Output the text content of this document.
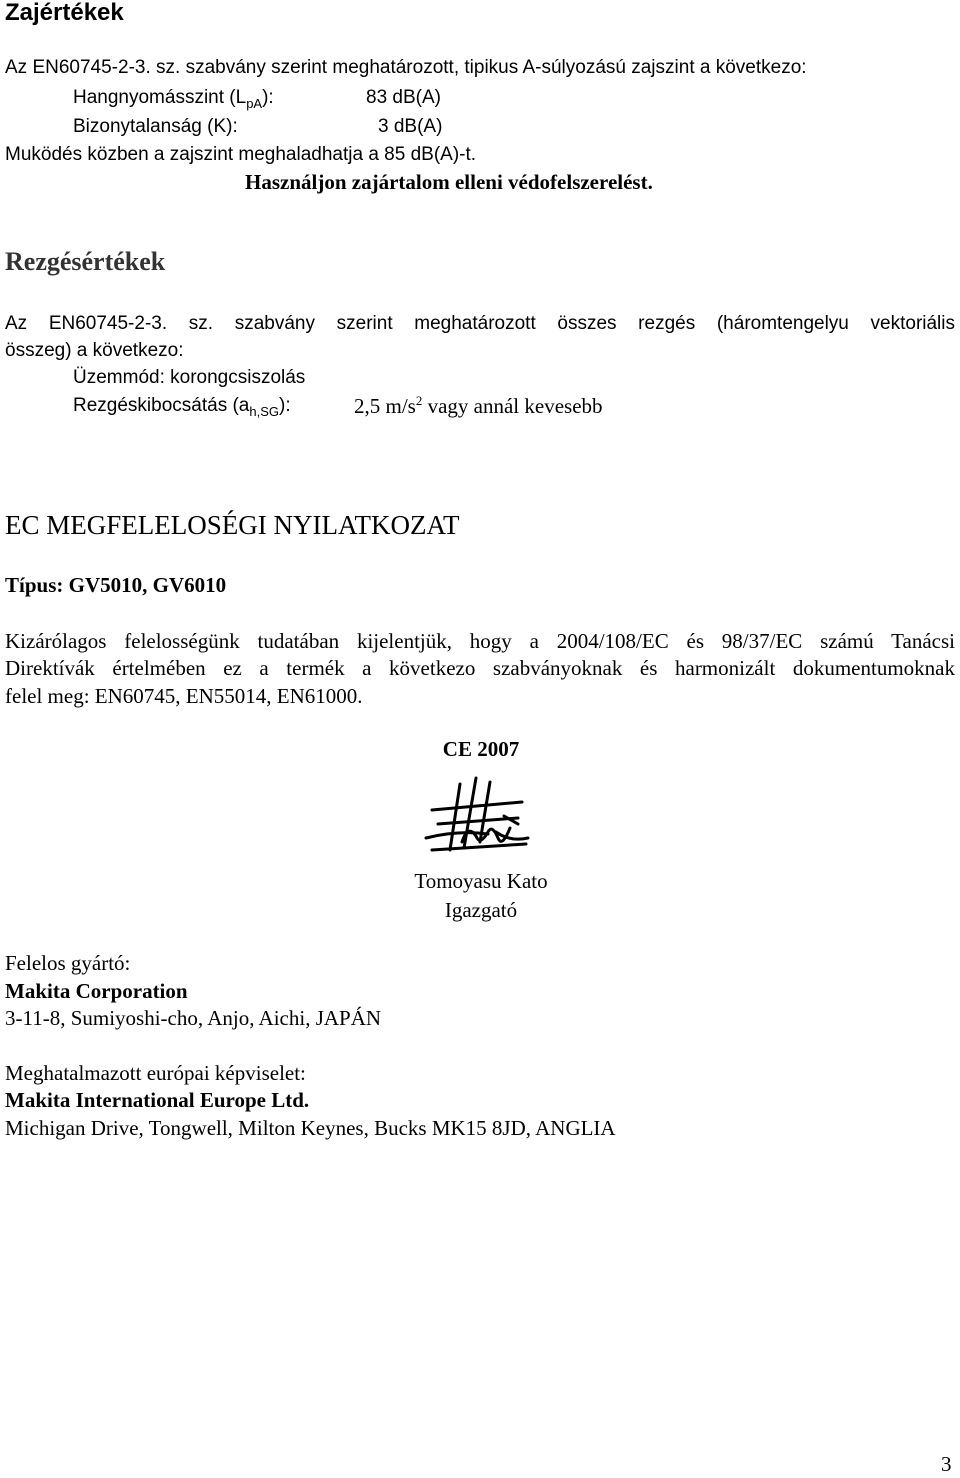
Zajértékek
Az EN60745-2-3. sz. szabvány szerint meghatározott, tipikus A-súlyozású zajszint a következo:
Hangnyomásszint $(L_{pA})$:	83 dB(A)
Bizonytalanság (K):	3 dB(A)
Muködés közben a zajszint meghaladhatja a 85 dB(A)-t.
Használjon zajártalom elleni védofelszerelést.
Rezgésértékek
Az EN60745-2-3. sz. szabvány szerint meghatározott összes rezgés (háromtengelyu vektoriális
összeg) a következo:
Üzemmód: korongcsiszolás
Rezgéskibocsátás $(a_{h,SG})$:	2,5 $m/s^2$ vagy annál kevesebb
EC MEGFELELOSÉGI NYILATKOZAT
Típus: GV5010, GV6010
Kizárólagos felelosségünk tudatában kijelentjük, hogy a 2004/108/EC és 98/37/EC számú Tanácsi
Direktívák értelmében ez a termék a következo szabványoknak és harmonizált dokumentumoknak
felel meg: EN60745, EN55014, EN61000.
CE 2007
Tomoyasu Kato
Igazgató
Felelos gyártó:
Makita Corporation
3-11-8, Sumiyoshi-cho, Anjo, Aichi, JAPÁN
Meghatalmazott európai képviselet:
Makita International Europe Ltd.
Michigan Drive, Tongwell, Milton Keynes, Bucks MK15 8JD, ANGLIA
3
